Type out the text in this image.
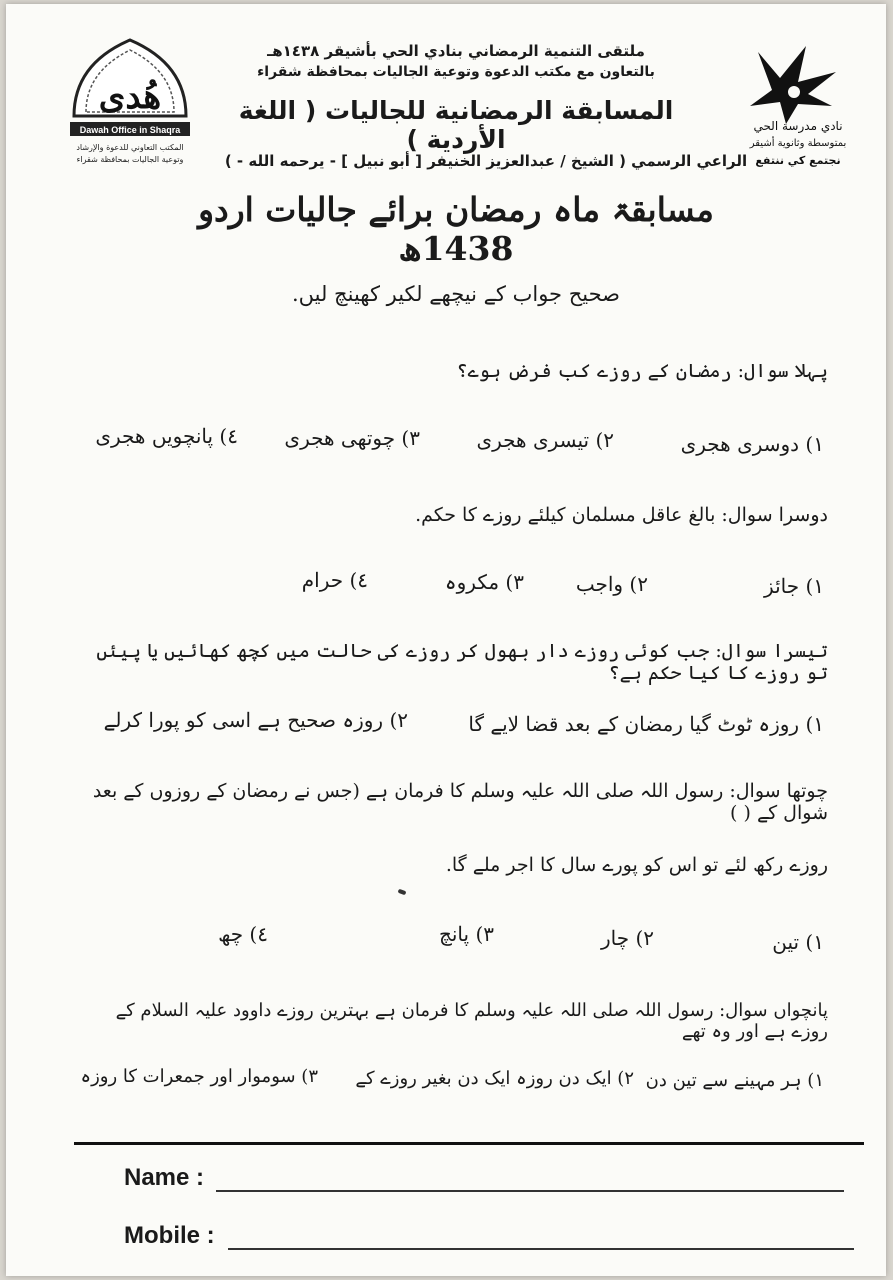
هُدى
Dawah Office in Shaqra
المكتب التعاوني للدعوة والإرشاد
وتوعية الجاليات بمحافظة شقراء
نادي مدرسة الحي
بمتوسطة وثانوية أشيقر
نجتمع كي ننتفع
ملتقى التنمية الرمضاني بنادي الحي بأشيقر ١٤٣٨هـ
بالتعاون مع مكتب الدعوة وتوعية الجاليات بمحافظة شقراء
المسابقة الرمضانية للجاليات ( اللغة الأردية )
الراعي الرسمي ( الشيخ / عبدالعزيز الخنيفر [ أبو نبيل ] - يرحمه الله - )
مسابقۃ ماہ رمضان برائے جالیات اردو 1438ھ
صحیح جواب کے نیچھے لکیر کھینچ لیں.
پہلا سوال: رمضان کے روزے کب فرض ہوے؟
١) دوسری ھجری
٢) تیسری ھجری
٣) چوتھی ھجری
٤) پانچویں ھجری
دوسرا سوال: بالغ عاقل مسلمان کیلئے روزے کا حکم.
١) جائز
٢) واجب
٣) مکروہ
٤) حرام
تیسرا سوال: جب کوئی روزے دار بھول کر روزے کی حالت میں کچھ کھائیں یا پیئں تو روزے کا کیا حکم ہے؟
١) روزہ ٹوٹ گیا رمضان کے بعد قضا لایے گا
٢) روزہ صحیح ہے اسی کو پورا کرلے
چوتھا سوال: رسول اللہ صلی اللہ علیہ وسلم کا فرمان ہے (جس نے رمضان کے روزوں کے بعد شوال کے ( )
روزے رکھ لئے تو اس کو پورے سال کا اجر ملے گا.
١) تین
٢) چار
٣) پانچ
٤) چھ
پانچواں سوال: رسول اللہ صلی اللہ علیہ وسلم کا فرمان ہے بہترین روزے داوود علیہ السلام کے روزے ہے اور وہ تھے
١) ہر مہینے سے تین دن
٢) ایک دن روزہ ایک دن بغیر روزے کے
٣) سوموار اور جمعرات کا روزہ
Name :
Mobile :
